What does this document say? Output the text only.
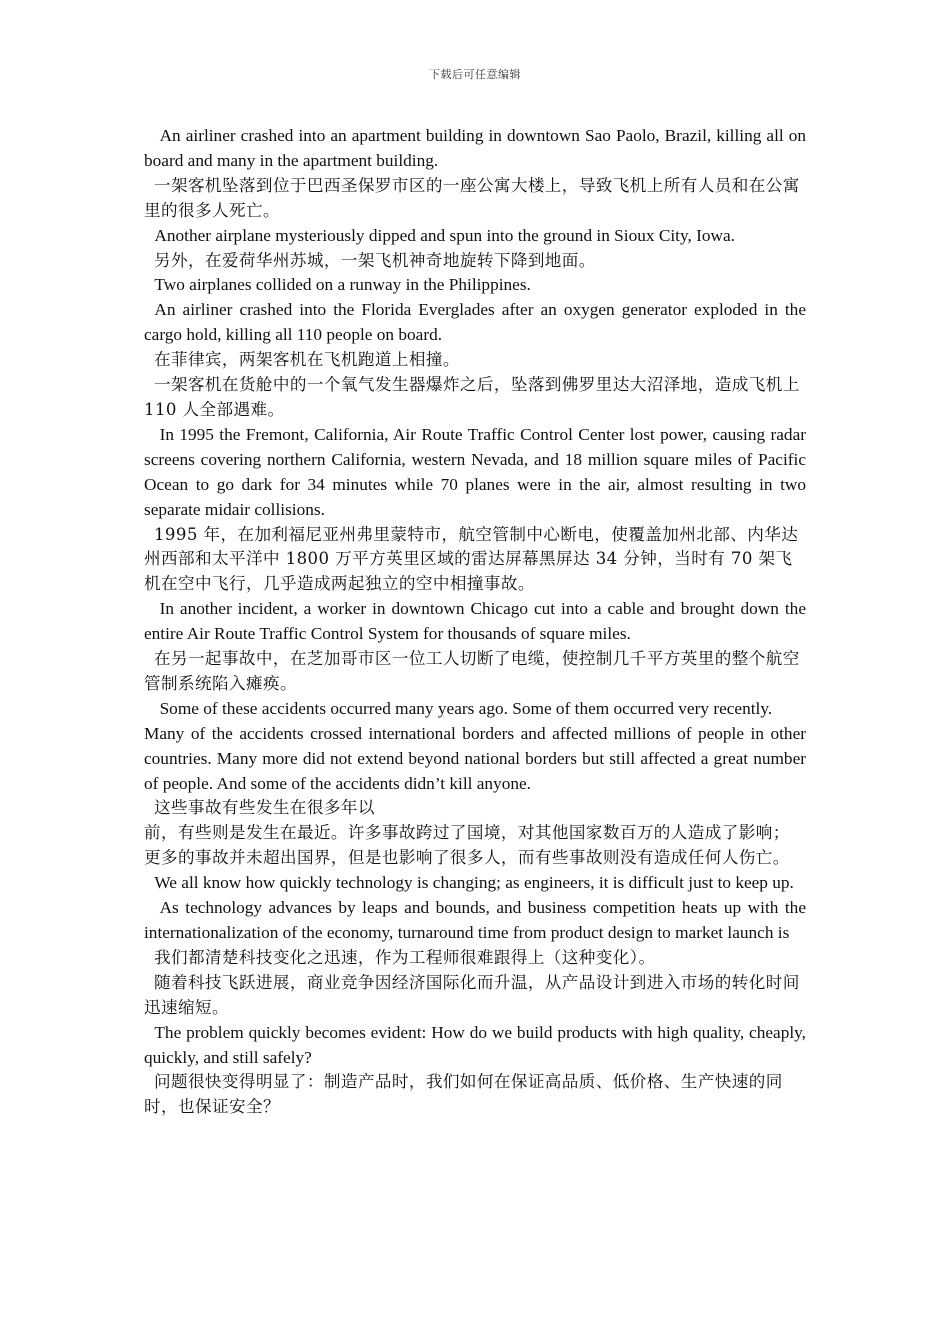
下载后可任意编辑

An airliner crashed into an apartment building in downtown Sao Paolo, Brazil, killing all on board and many in the apartment building.

一架客机坠落到位于巴西圣保罗市区的一座公寓大楼上，导致飞机上所有人员和在公寓里的很多人死亡。

Another airplane mysteriously dipped and spun into the ground in Sioux City, Iowa.

另外，在爱荷华州苏城，一架飞机神奇地旋转下降到地面。

Two airplanes collided on a runway in the Philippines.

An airliner crashed into the Florida Everglades after an oxygen generator exploded in the cargo hold, killing all 110 people on board.

在菲律宾，两架客机在飞机跑道上相撞。

一架客机在货舱中的一个氧气发生器爆炸之后，坠落到佛罗里达大沼泽地，造成飞机上 110 人全部遇难。

In 1995 the Fremont, California, Air Route Traffic Control Center lost power, causing radar screens covering northern California, western Nevada, and 18 million square miles of Pacific Ocean to go dark for 34 minutes while 70 planes were in the air, almost resulting in two separate midair collisions.

1995 年，在加利福尼亚州弗里蒙特市，航空管制中心断电，使覆盖加州北部、内华达州西部和太平洋中 1800 万平方英里区域的雷达屏幕黑屏达 34 分钟，当时有 70 架飞机在空中飞行，几乎造成两起独立的空中相撞事故。

In another incident, a worker in downtown Chicago cut into a cable and brought down the entire Air Route Traffic Control System for thousands of square miles.

在另一起事故中，在芝加哥市区一位工人切断了电缆，使控制几千平方英里的整个航空管制系统陷入瘫痪。

Some of these accidents occurred many years ago. Some of them occurred very recently.

Many of the accidents crossed international borders and affected millions of people in other countries. Many more did not extend beyond national borders but still affected a great number of people. And some of the accidents didn’t kill anyone.

这些事故有些发生在很多年以

前，有些则是发生在最近。许多事故跨过了国境，对其他国家数百万的人造成了影响；更多的事故并未超出国界，但是也影响了很多人，而有些事故则没有造成任何人伤亡。

We all know how quickly technology is changing; as engineers, it is difficult just to keep up.

As technology advances by leaps and bounds, and business competition heats up with the internationalization of the economy, turnaround time from product design to market launch is

我们都清楚科技变化之迅速，作为工程师很难跟得上（这种变化）。

随着科技飞跃进展，商业竞争因经济国际化而升温，从产品设计到进入市场的转化时间迅速缩短。

The problem quickly becomes evident: How do we build products with high quality, cheaply, quickly, and still safely?

问题很快变得明显了：制造产品时，我们如何在保证高品质、低价格、生产快速的同时，也保证安全？
